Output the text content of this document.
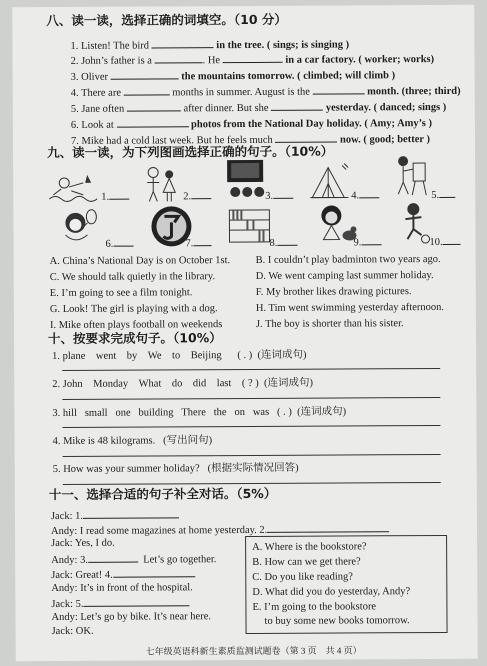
八、读一读，选择正确的词填空。（10 分）
1. Listen! The bird	in the tree. ( sings; is singing )
2. John’s father is a	. He	in a car factory. ( worker; works)
3. Oliver	the mountains tomorrow. ( climbed; will climb )
4. There are	months in summer. August is the	month. (three; third)
5. Jane often	after dinner. But she	yesterday. ( danced; sings )
6. Look at	photos from the National Day holiday. ( Amy; Amy’s )
7. Mike had a cold last week. But he feels much	now. ( good; better )
九、读一读，为下列图画选择正确的句子。（10%）
1.	2.	3.	4.	5.
6.	7.	8.	9.	10.
A. China’s National Day is on October 1st. B. I couldn’t play badminton two years ago.
C. We should talk quietly in the library.	D. We went camping last summer holiday.
E. I’m going to see a film tonight.	F. My brother likes drawing pictures.
G. Look! The girl is playing with a dog.	H. Tim went swimming yesterday afternoon.
I. Mike often plays football on weekends	J. The boy is shorter than his sister.
十、按要求完成句子。（10%）
1. plane went by We to Beijing ( . ) (连词成句)
2. John Monday What do did last ( ? ) (连词成句)
3. hill small one building There the on was ( . ) (连词成句)
4. Mike is 48 kilograms. (写出问句)
5. How was your summer holiday? (根据实际情况回答)
十一、选择合适的句子补全对话。（5%）
Jack: 1.
Andy: I read some magazines at home yesterday. 2.
Jack: Yes, I do.
Andy: 3.	Let’s go together.
Jack: Great! 4.
Andy: It’s in front of the hospital.
Jack: 5.
Andy: Let’s go by bike. It’s near here.
Jack: OK.
A. Where is the bookstore?
B. How can we get there?
C. Do you like reading?
D. What did you do yesterday, Andy?
E. I’m going to the bookstore
to buy some new books tomorrow.
七年级英语科新生素质监测试题卷（第 3 页　共 4 页）
